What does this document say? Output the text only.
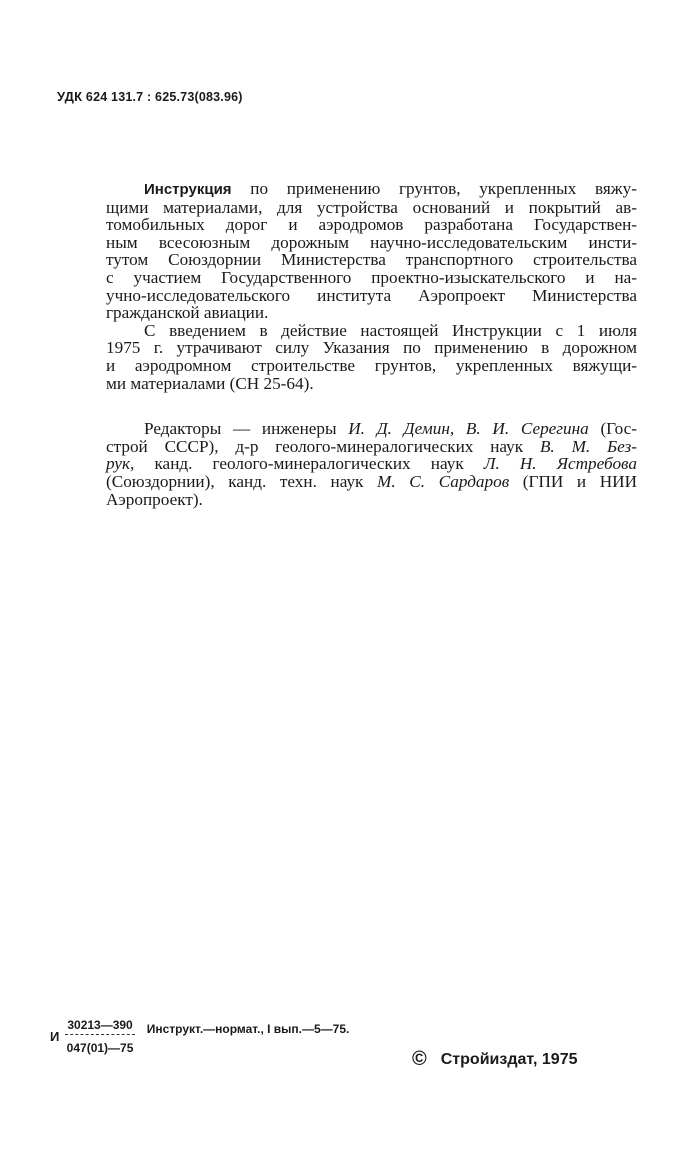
УДК 624 131.7 : 625.73(083.96)

Инструкция по применению грунтов, укрепленных вяжу-
щими материалами, для устройства оснований и покрытий ав-
томобильных дорог и аэродромов разработана Государствен-
ным всесоюзным дорожным научно-исследовательским инсти-
тутом Союздорнии Министерства транспортного строительства
с участием Государственного проектно-изыскательского и на-
учно-исследовательского института Аэропроект Министерства
гражданской авиации.

С введением в действие настоящей Инструкции с 1 июля
1975 г. утрачивают силу Указания по применению в дорожном
и аэродромном строительстве грунтов, укрепленных вяжущи-
ми материалами (СН 25-64).

Редакторы — инженеры И. Д. Демин, В. И. Серегина (Гос-
строй СССР), д-р геолого-минералогических наук В. М. Без-
рук, канд. геолого-минералогических наук Л. Н. Ястребова
(Союздорнии), канд. техн. наук М. С. Сардаров (ГПИ и НИИ
Аэропроект).

И $\frac{30213—390}{047(01)—75}$ Инструкт.—нормат., I вып.—5—75.
© Стройиздат, 1975
